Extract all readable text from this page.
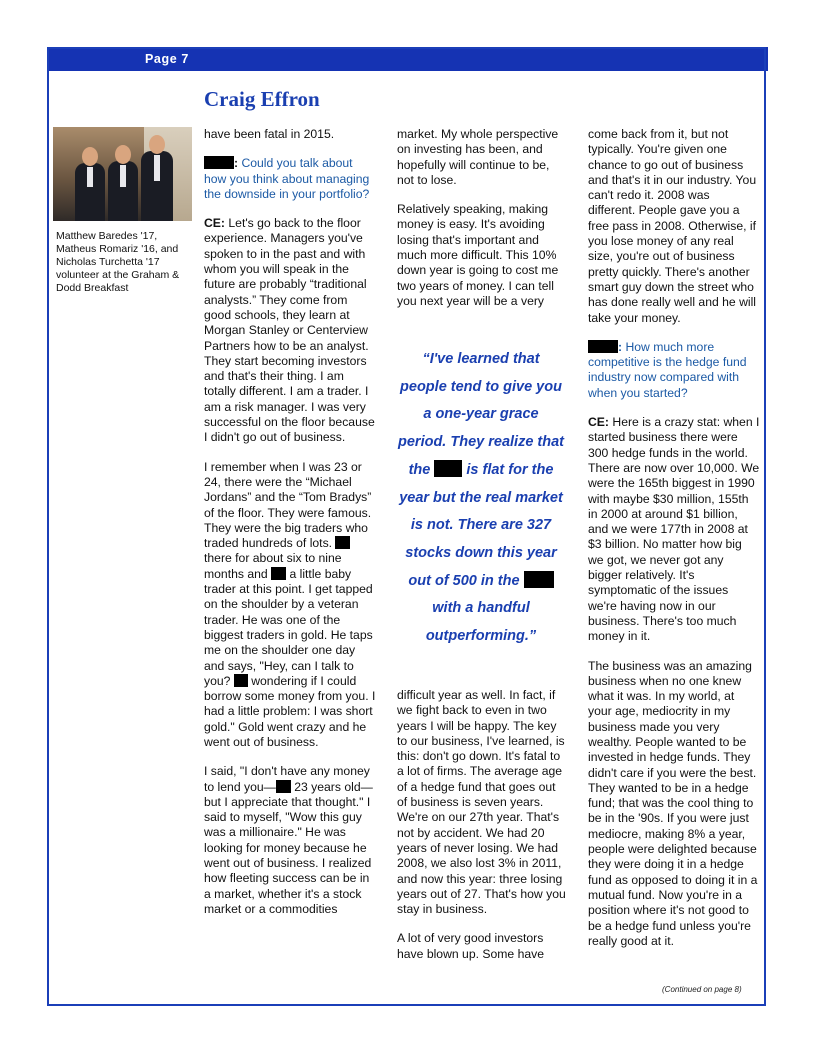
Page 7
Craig Effron
Matthew Baredes '17, Matheus Romariz '16, and Nicholas Turchetta '17 volunteer at the Graham & Dodd Breakfast

have been fatal in 2015.

: Could you talk about how you think about managing the downside in your portfolio?

CE: Let's go back to the floor experience. Managers you've spoken to in the past and with whom you will speak in the future are probably “traditional analysts.” They come from good schools, they learn at Morgan Stanley or Centerview Partners how to be an analyst. They start becoming investors and that's their thing. I am totally different. I am a trader. I am a risk manager. I was very successful on the floor because I didn't go out of business.

I remember when I was 23 or 24, there were the “Michael Jordans” and the “Tom Bradys” of the floor. They were famous. They were the big traders who traded hundreds of lots.  there for about six to nine months and a little baby trader at this point. I get tapped on the shoulder by a veteran trader. He was one of the biggest traders in gold. He taps me on the shoulder one day and says, "Hey, can I talk to you? wondering if I could borrow some money from you. I had a little problem: I was short gold." Gold went crazy and he went out of business.

I said, "I don't have any money to lend you— 23 years old—but I appreciate that thought." I said to myself, "Wow this guy was a millionaire." He was looking for money because he went out of business. I realized how fleeting success can be in a market, whether it's a stock market or a commodities

market. My whole perspective on investing has been, and hopefully will continue to be, not to lose.

Relatively speaking, making money is easy. It's avoiding losing that's important and much more difficult. This 10% down year is going to cost me two years of money. I can tell you next year will be a very

“I've learned that people tend to give you a one-year grace period. They realize that the is flat for the year but the real market is not. There are 327 stocks down this year out of 500 in the  with a handful outperforming.”

difficult year as well. In fact, if we fight back to even in two years I will be happy. The key to our business, I've learned, is this: don't go down. It's fatal to a lot of firms. The average age of a hedge fund that goes out of business is seven years. We're on our 27th year. That's not by accident. We had 20 years of never losing. We had 2008, we also lost 3% in 2011, and now this year: three losing years out of 27. That's how you stay in business.

A lot of very good investors have blown up. Some have

come back from it, but not typically. You're given one chance to go out of business and that's it in our industry. You can't redo it. 2008 was different. People gave you a free pass in 2008. Otherwise, if you lose money of any real size, you're out of business pretty quickly. There's another smart guy down the street who has done really well and he will take your money.

: How much more competitive is the hedge fund industry now compared with when you started?

CE: Here is a crazy stat: when I started business there were 300 hedge funds in the world. There are now over 10,000. We were the 165th biggest in 1990 with maybe $30 million, 155th in 2000 at around $1 billion, and we were 177th in 2008 at $3 billion. No matter how big we got, we never got any bigger relatively. It's symptomatic of the issues we're having now in our business. There's too much money in it.

The business was an amazing business when no one knew what it was. In my world, at your age, mediocrity in my business made you very wealthy. People wanted to be invested in hedge funds. They didn't care if you were the best. They wanted to be in a hedge fund; that was the cool thing to be in the '90s. If you were just mediocre, making 8% a year, people were delighted because they were doing it in a hedge fund as opposed to doing it in a mutual fund. Now you're in a position where it's not good to be a hedge fund unless you're really good at it.

(Continued on page 8)
